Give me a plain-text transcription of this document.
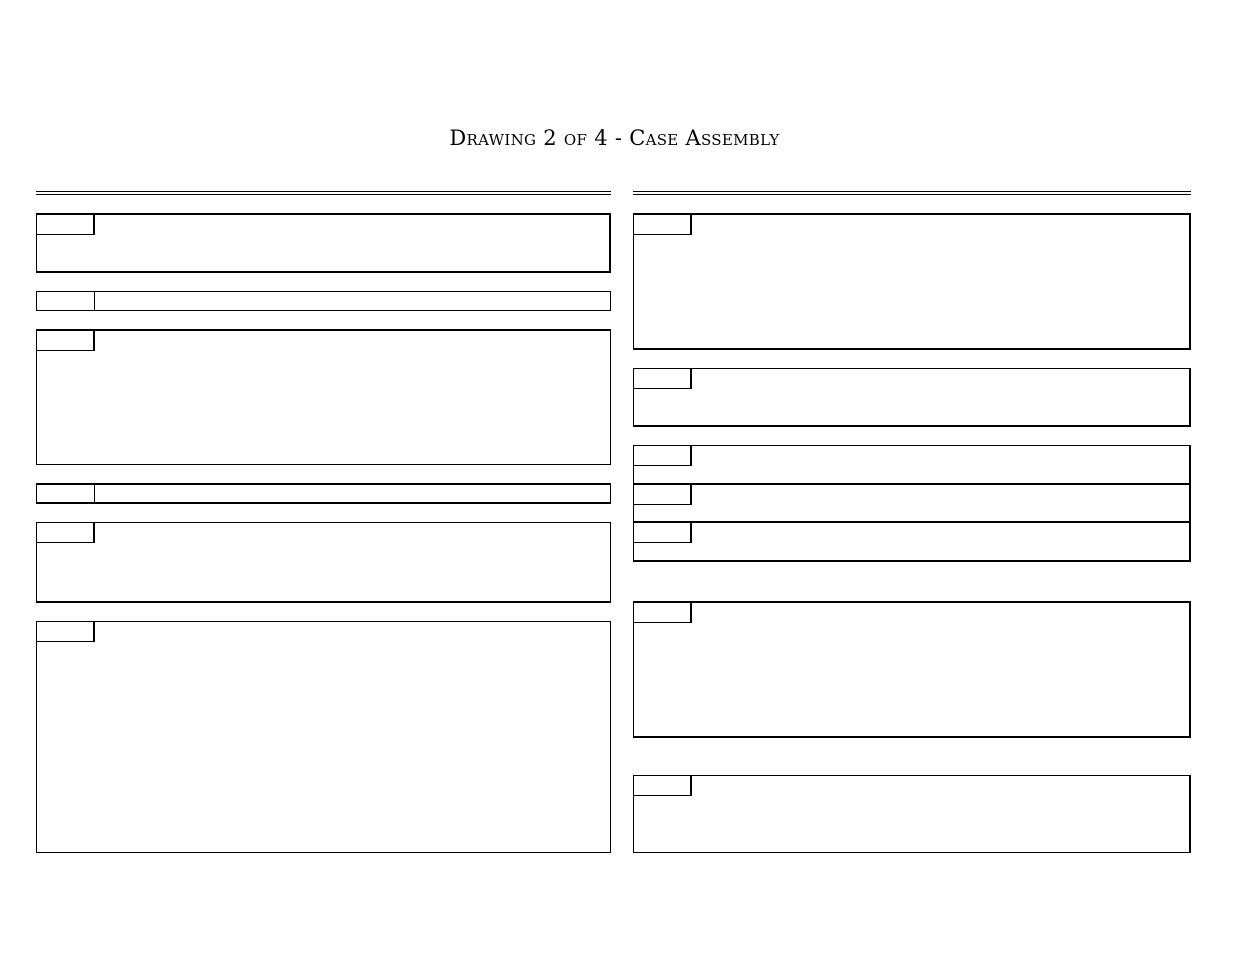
Drawing 2 of 4 - Case Assembly
